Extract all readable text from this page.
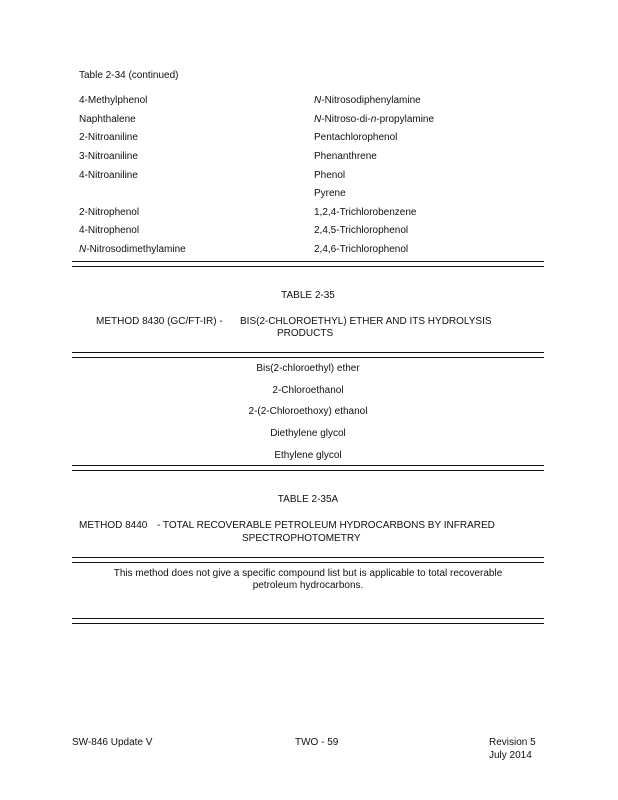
Table 2-34 (continued)
4-Methylphenol
Naphthalene
2-Nitroaniline
3-Nitroaniline
4-Nitroaniline
2-Nitrophenol
4-Nitrophenol
N-Nitrosodimethylamine
N-Nitrosodiphenylamine
N-Nitroso-di-n-propylamine
Pentachlorophenol
Phenanthrene
Phenol
Pyrene
1,2,4-Trichlorobenzene
2,4,5-Trichlorophenol
2,4,6-Trichlorophenol
TABLE 2-35
METHOD 8430 (GC/FT-IR) - BIS(2-CHLOROETHYL) ETHER AND ITS HYDROLYSIS
PRODUCTS
Bis(2-chloroethyl) ether
2-Chloroethanol
2-(2-Chloroethoxy) ethanol
Diethylene glycol
Ethylene glycol
TABLE 2-35A
METHOD 8440 - TOTAL RECOVERABLE PETROLEUM HYDROCARBONS BY INFRARED
SPECTROPHOTOMETRY
This method does not give a specific compound list but is applicable to total recoverable
petroleum hydrocarbons.
SW-846 Update V	TWO - 59	Revision 5
July 2014
